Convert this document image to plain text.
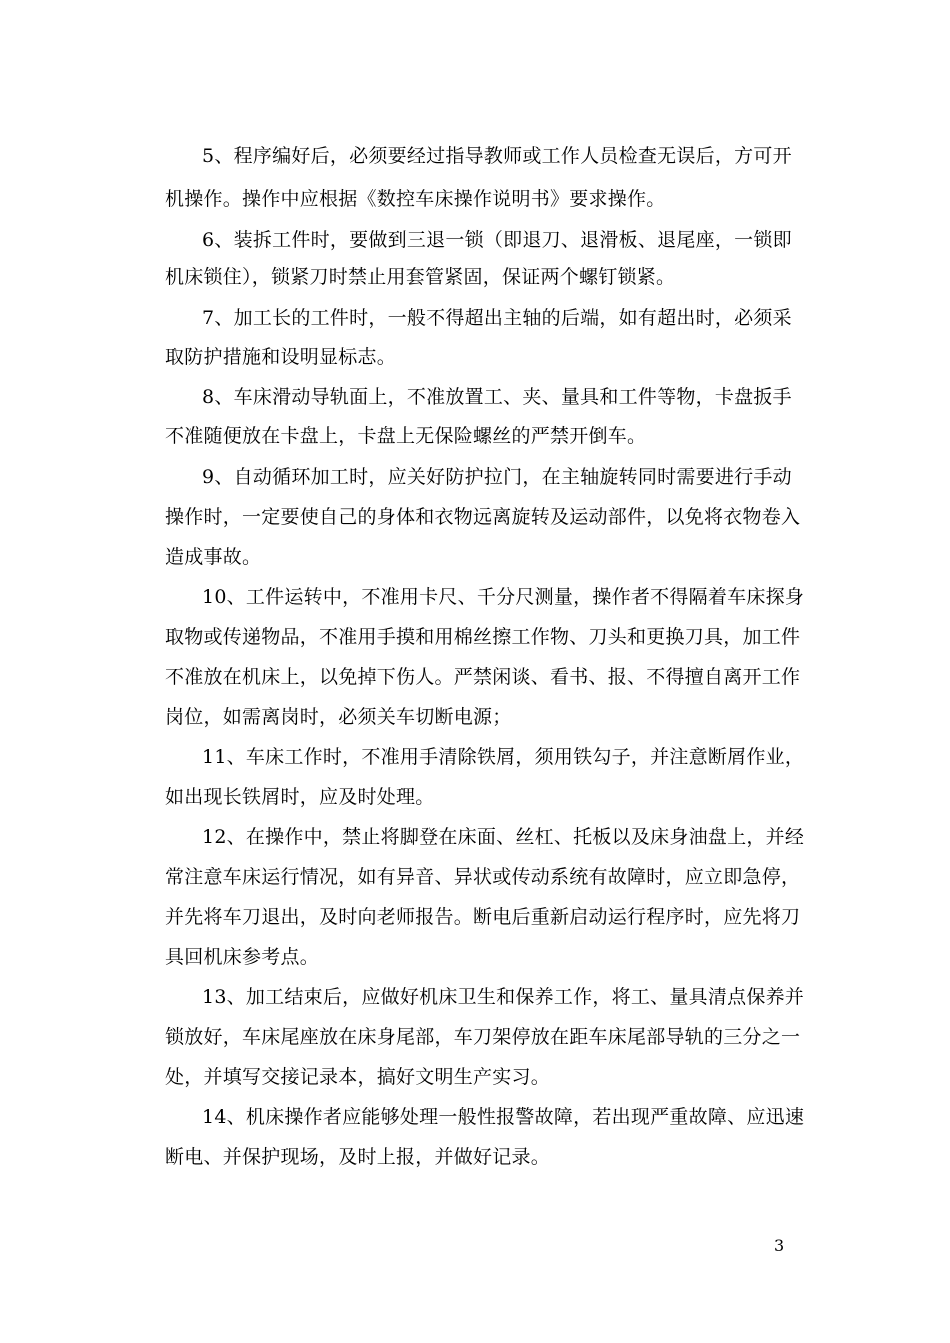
5、程序编好后，必须要经过指导教师或工作人员检查无误后，方可开
机操作。操作中应根据《数控车床操作说明书》要求操作。
6、装拆工件时，要做到三退一锁（即退刀、退滑板、退尾座，一锁即
机床锁住），锁紧刀时禁止用套管紧固，保证两个螺钉锁紧。
7、加工长的工件时，一般不得超出主轴的后端，如有超出时，必须采
取防护措施和设明显标志。
8、车床滑动导轨面上，不准放置工、夹、量具和工件等物，卡盘扳手
不准随便放在卡盘上，卡盘上无保险螺丝的严禁开倒车。
9、自动循环加工时，应关好防护拉门，在主轴旋转同时需要进行手动
操作时，一定要使自己的身体和衣物远离旋转及运动部件，以免将衣物卷入
造成事故。
10、工件运转中，不准用卡尺、千分尺测量，操作者不得隔着车床探身
取物或传递物品，不准用手摸和用棉丝擦工作物、刀头和更换刀具，加工件
不准放在机床上，以免掉下伤人。严禁闲谈、看书、报、不得擅自离开工作
岗位，如需离岗时，必须关车切断电源；
11、车床工作时，不准用手清除铁屑，须用铁勾子，并注意断屑作业，
如出现长铁屑时，应及时处理。
12、在操作中，禁止将脚登在床面、丝杠、托板以及床身油盘上，并经
常注意车床运行情况，如有异音、异状或传动系统有故障时，应立即急停，
并先将车刀退出，及时向老师报告。断电后重新启动运行程序时，应先将刀
具回机床参考点。
13、加工结束后，应做好机床卫生和保养工作，将工、量具清点保养并
锁放好，车床尾座放在床身尾部，车刀架停放在距车床尾部导轨的三分之一
处，并填写交接记录本，搞好文明生产实习。
14、机床操作者应能够处理一般性报警故障，若出现严重故障、应迅速
断电、并保护现场，及时上报，并做好记录。
3
